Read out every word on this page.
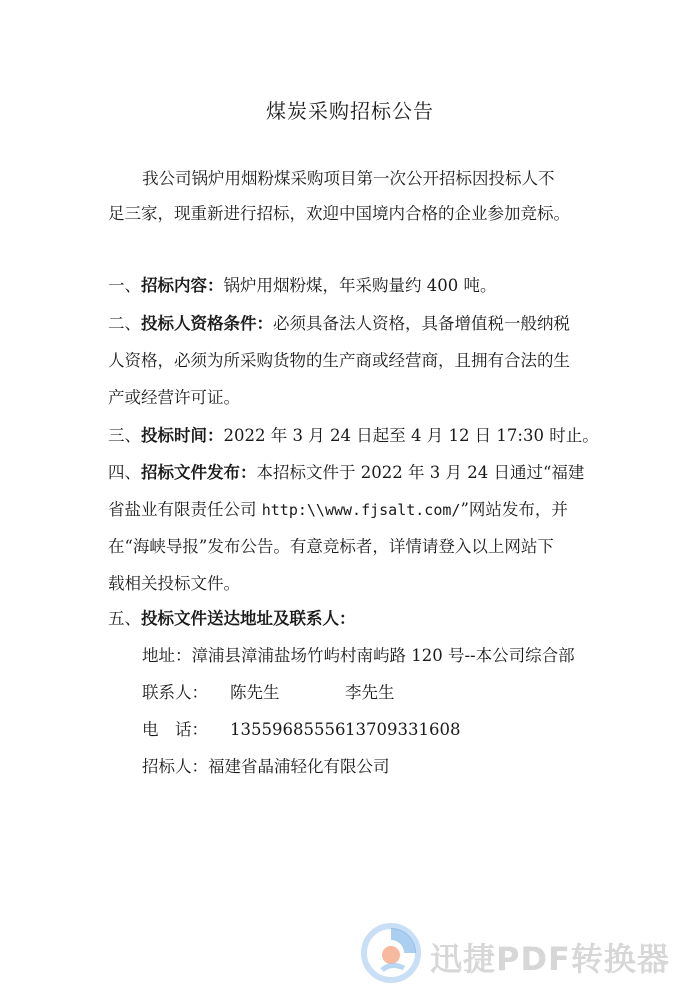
煤炭采购招标公告
我公司锅炉用烟粉煤采购项目第一次公开招标因投标人不
足三家，现重新进行招标，欢迎中国境内合格的企业参加竞标。
一、招标内容：锅炉用烟粉煤，年采购量约 400 吨。
二、投标人资格条件：必须具备法人资格，具备增值税一般纳税
人资格，必须为所采购货物的生产商或经营商，且拥有合法的生
产或经营许可证。
三、投标时间：2022 年 3 月 24 日起至 4 月 12 日 17:30 时止。
四、招标文件发布：本招标文件于 2022 年 3 月 24 日通过“福建
省盐业有限责任公司 http:\\www.fjsalt.com/”网站发布，并
在“海峡导报”发布公告。有意竞标者，详情请登入以上网站下
载相关投标文件。
五、投标文件送达地址及联系人：
地址：漳浦县漳浦盐场竹屿村南屿路 120 号--本公司综合部
联系人： 陈先生	李先生
电　话： 13559685556 13709331608
招标人：福建省晶浦轻化有限公司
迅捷PDF转换器
